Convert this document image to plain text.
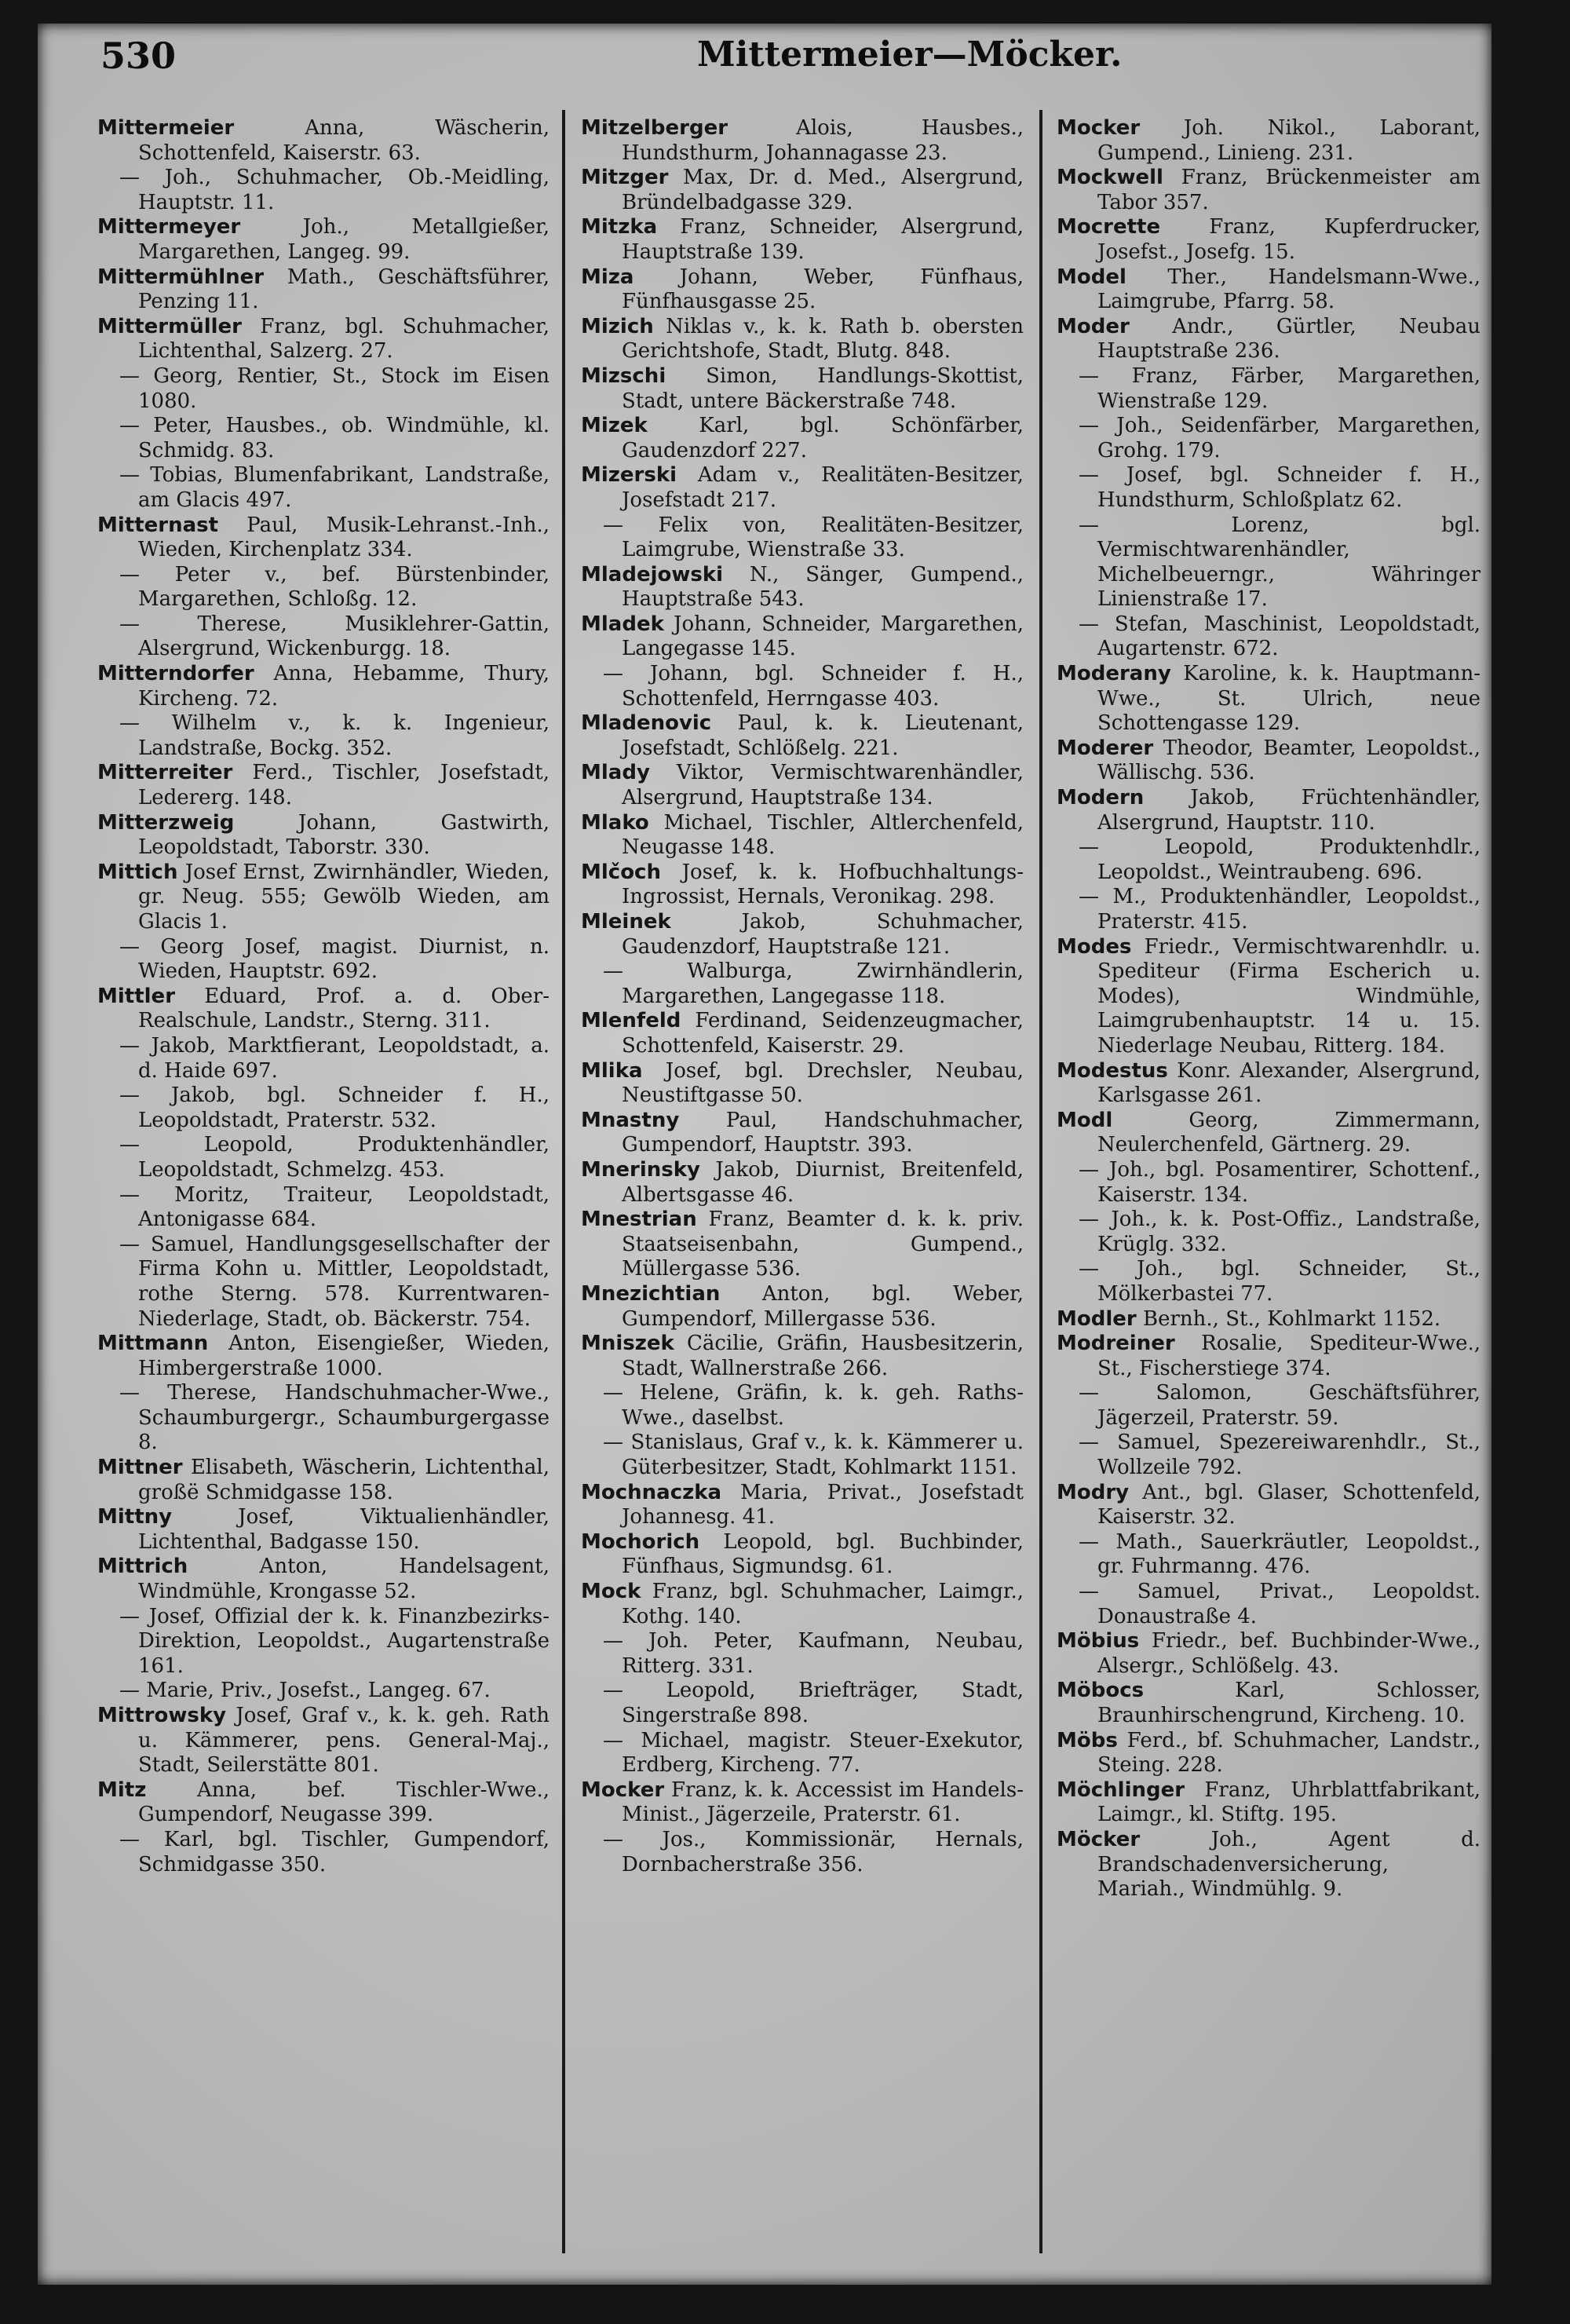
530	Mittermeier—Möcker.

Mittermeier	Anna, Wäscherin, Schottenfeld, Kaiserstr. 63.

— Joh., Schuhmacher, Ob.-Meidling, Hauptstr. 11.

Mittermeyer	Joh., Metallgießer, Margarethen, Langeg. 99.

Mittermühlner Math., Geschäftsführer, Penzing 11.

Mittermüller Franz, bgl. Schuhmacher, Lichtenthal, Salzerg. 27.

— Georg, Rentier, St., Stock im Eisen 1080.

— Peter, Hausbes., ob. Windmühle, kl. Schmidg. 83.

— Tobias, Blumenfabrikant, Landstraße, am Glacis 497.

Mitternast Paul, Musik-Lehranst.-Inh., Wieden, Kirchenplatz 334.

— Peter v., bef. Bürstenbinder, Margarethen, Schloßg. 12.

— Therese, Musiklehrer-Gattin, Alsergrund, Wickenburgg. 18.

Mitterndorfer Anna, Hebamme, Thury, Kircheng. 72.

— Wilhelm v., k. k. Ingenieur, Landstraße, Bockg. 352.

Mitterreiter Ferd., Tischler, Josefstadt, Ledererg. 148.

Mitterzweig	Johann, Gastwirth, Leopoldstadt, Taborstr. 330.

Mittich Josef Ernst, Zwirnhändler, Wieden, gr. Neug. 555; Gewölb Wieden, am Glacis 1.

— Georg Josef, magist. Diurnist, n. Wieden, Hauptstr. 692.

Mittler Eduard, Prof. a. d. Ober-Realschule, Landstr., Sterng. 311.

— Jakob, Marktfierant, Leopoldstadt, a. d. Haide 697.

— Jakob, bgl. Schneider f. H., Leopoldstadt, Praterstr. 532.

— Leopold, Produktenhändler, Leopoldstadt, Schmelzg. 453.

— Moritz, Traiteur, Leopoldstadt, Antonigasse 684.

— Samuel, Handlungsgesellschafter der Firma Kohn u. Mittler, Leopoldstadt, rothe Sterng. 578. Kurrentwaren-Niederlage, Stadt, ob. Bäckerstr. 754.

Mittmann Anton, Eisengießer, Wieden, Himbergerstraße 1000.

— Therese, Handschuhmacher-Wwe., Schaumburgergr., Schaumburgergasse 8.

Mittner Elisabeth, Wäscherin, Lichtenthal, großë Schmidgasse 158.

Mittny	Josef, Viktualienhändler, Lichtenthal, Badgasse 150.

Mittrich	Anton, Handelsagent, Windmühle, Krongasse 52.

— Josef, Offizial der k. k. Finanzbezirks-Direktion, Leopoldst., Augartenstraße 161.

— Marie, Priv., Josefst., Langeg. 67.

Mittrowsky Josef, Graf v., k. k. geh. Rath u. Kämmerer, pens. General-Maj., Stadt, Seilerstätte 801.

Mitz Anna, bef. Tischler-Wwe., Gumpendorf, Neugasse 399.

— Karl, bgl. Tischler, Gumpendorf, Schmidgasse 350.

Mitzelberger	Alois, Hausbes., Hundsthurm, Johannagasse 23.

Mitzger Max, Dr. d. Med., Alsergrund, Bründelbadgasse 329.

Mitzka Franz, Schneider, Alsergrund, Hauptstraße 139.

Miza Johann, Weber, Fünfhaus, Fünfhausgasse 25.

Mizich Niklas v., k. k. Rath b. obersten Gerichtshofe, Stadt, Blutg. 848.

Mizschi Simon, Handlungs-Skottist, Stadt, untere Bäckerstraße 748.

Mizek	Karl, bgl. Schönfärber, Gaudenzdorf 227.

Mizerski Adam v., Realitäten-Besitzer, Josefstadt 217.

— Felix von, Realitäten-Besitzer, Laimgrube, Wienstraße 33.

Mladejowski N., Sänger, Gumpend., Hauptstraße 543.

Mladek Johann, Schneider, Margarethen, Langegasse 145.

— Johann, bgl. Schneider f. H., Schottenfeld, Herrngasse 403.

Mladenovic Paul, k. k. Lieutenant, Josefstadt, Schlößelg. 221.

Mlady Viktor, Vermischtwarenhändler, Alsergrund, Hauptstraße 134.

Mlako Michael, Tischler, Altlerchenfeld, Neugasse 148.

Mlčoch Josef, k. k. Hofbuchhaltungs-Ingrossist, Hernals, Veronikag. 298.

Mleinek	Jakob, Schuhmacher, Gaudenzdorf, Hauptstraße 121.

— Walburga, Zwirnhändlerin, Margarethen, Langegasse 118.

Mlenfeld Ferdinand, Seidenzeugmacher, Schottenfeld, Kaiserstr. 29.

Mlika Josef, bgl. Drechsler, Neubau, Neustiftgasse 50.

Mnastny Paul, Handschuhmacher, Gumpendorf, Hauptstr. 393.

Mnerinsky Jakob, Diurnist, Breitenfeld, Albertsgasse 46.

Mnestrian Franz, Beamter d. k. k. priv. Staatseisenbahn, Gumpend., Müllergasse 536.

Mnezichtian Anton, bgl. Weber, Gumpendorf, Millergasse 536.

Mniszek Cäcilie, Gräfin, Hausbesitzerin, Stadt, Wallnerstraße 266.

— Helene, Gräfin, k. k. geh. Raths-Wwe., daselbst.

— Stanislaus, Graf v., k. k. Kämmerer u. Güterbesitzer, Stadt, Kohlmarkt 1151.

Mochnaczka Maria, Privat., Josefstadt Johannesg. 41.

Mochorich Leopold, bgl. Buchbinder, Fünfhaus, Sigmundsg. 61.

Mock Franz, bgl. Schuhmacher, Laimgr., Kothg. 140.

— Joh. Peter, Kaufmann, Neubau, Ritterg. 331.

— Leopold, Briefträger, Stadt, Singerstraße 898.

— Michael, magistr. Steuer-Exekutor, Erdberg, Kircheng. 77.

Mocker Franz, k. k. Accessist im Handels-Minist., Jägerzeile, Praterstr. 61.

— Jos., Kommissionär, Hernals, Dornbacherstraße 356.

Mocker Joh. Nikol., Laborant, Gumpend., Linieng. 231.

Mockwell Franz, Brückenmeister am Tabor 357.

Mocrette Franz, Kupferdrucker, Josefst., Josefg. 15.

Model Ther., Handelsmann-Wwe., Laimgrube, Pfarrg. 58.

Moder Andr., Gürtler, Neubau Hauptstraße 236.

— Franz, Färber, Margarethen, Wienstraße 129.

— Joh., Seidenfärber, Margarethen, Grohg. 179.

— Josef, bgl. Schneider f. H., Hundsthurm, Schloßplatz 62.

— Lorenz, bgl. Vermischtwarenhändler, Michelbeuerngr., Währinger Linienstraße 17.

— Stefan, Maschinist, Leopoldstadt, Augartenstr. 672.

Moderany Karoline, k. k. Hauptmann-Wwe., St. Ulrich, neue Schottengasse 129.

Moderer Theodor, Beamter, Leopoldst., Wällischg. 536.

Modern Jakob, Früchtenhändler, Alsergrund, Hauptstr. 110.

— Leopold, Produktenhdlr., Leopoldst., Weintraubeng. 696.

— M., Produktenhändler, Leopoldst., Praterstr. 415.

Modes Friedr., Vermischtwarenhdlr. u. Spediteur (Firma Escherich u. Modes), Windmühle, Laimgrubenhauptstr. 14 u. 15. Niederlage Neubau, Ritterg. 184.

Modestus Konr. Alexander, Alsergrund, Karlsgasse 261.

Modl	Georg, Zimmermann, Neulerchenfeld, Gärtnerg. 29.

— Joh., bgl. Posamentirer, Schottenf., Kaiserstr. 134.

— Joh., k. k. Post-Offiz., Landstraße, Krüglg. 332.

— Joh., bgl. Schneider, St., Mölkerbastei 77.

Modler Bernh., St., Kohlmarkt 1152.

Modreiner Rosalie, Spediteur-Wwe., St., Fischerstiege 374.

— Salomon, Geschäftsführer, Jägerzeil, Praterstr. 59.

— Samuel, Spezereiwarenhdlr., St., Wollzeile 792.

Modry Ant., bgl. Glaser, Schottenfeld, Kaiserstr. 32.

— Math., Sauerkräutler, Leopoldst., gr. Fuhrmanng. 476.

— Samuel, Privat., Leopoldst. Donaustraße 4.

Möbius Friedr., bef. Buchbinder-Wwe., Alsergr., Schlößelg. 43.

Möbocs	Karl, Schlosser, Braunhirschengrund, Kircheng. 10.

Möbs Ferd., bf. Schuhmacher, Landstr., Steing. 228.

Möchlinger Franz, Uhrblattfabrikant, Laimgr., kl. Stiftg. 195.

Möcker	Joh., Agent d. Brandschadenversicherung, Mariah., Windmühlg. 9.
